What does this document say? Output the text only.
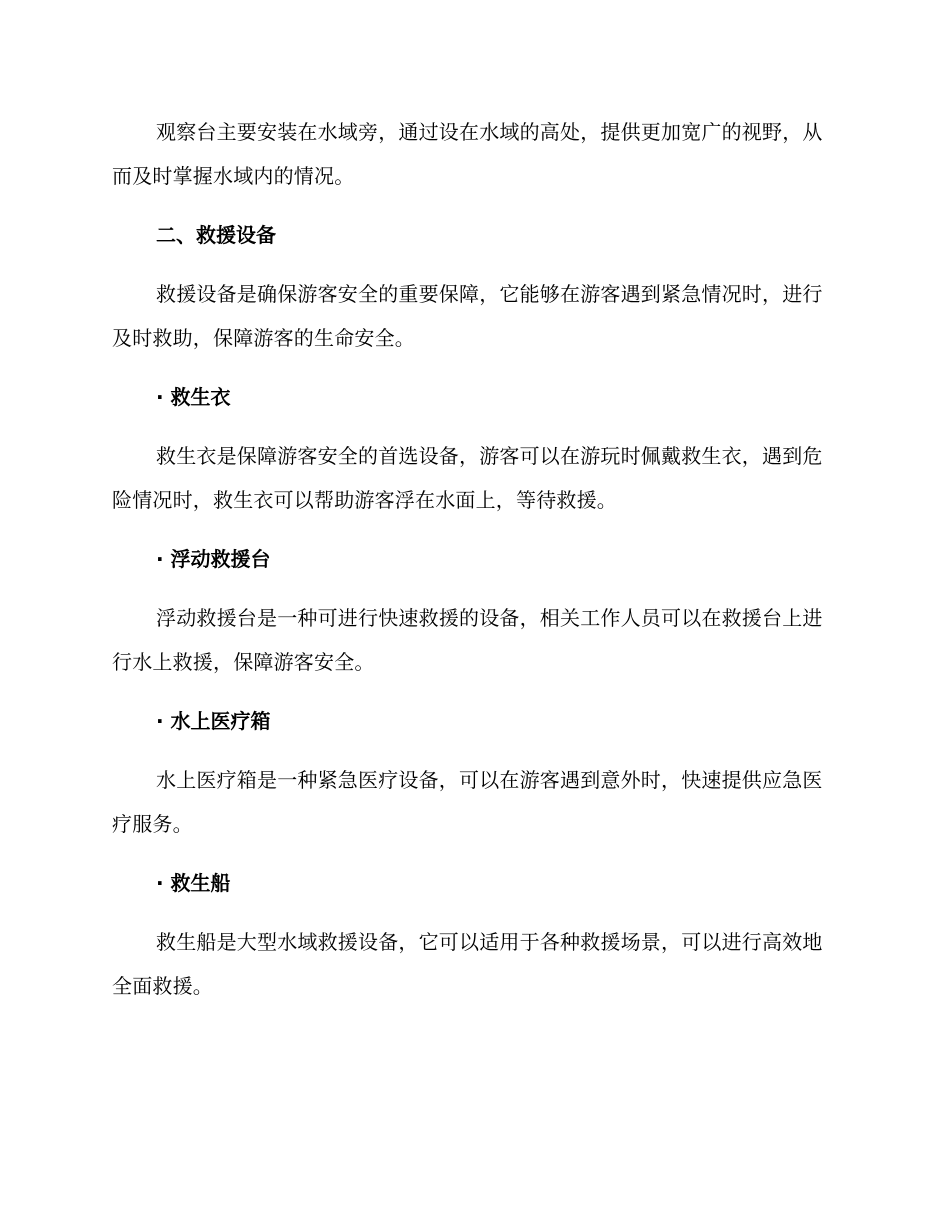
观察台主要安装在水域旁，通过设在水域的高处，提供更加宽广的视野，从而及时掌握水域内的情况。

二、救援设备

救援设备是确保游客安全的重要保障，它能够在游客遇到紧急情况时，进行及时救助，保障游客的生命安全。

· 救生衣

救生衣是保障游客安全的首选设备，游客可以在游玩时佩戴救生衣，遇到危险情况时，救生衣可以帮助游客浮在水面上，等待救援。

· 浮动救援台

浮动救援台是一种可进行快速救援的设备，相关工作人员可以在救援台上进行水上救援，保障游客安全。

· 水上医疗箱

水上医疗箱是一种紧急医疗设备，可以在游客遇到意外时，快速提供应急医疗服务。

· 救生船

救生船是大型水域救援设备，它可以适用于各种救援场景，可以进行高效地全面救援。
